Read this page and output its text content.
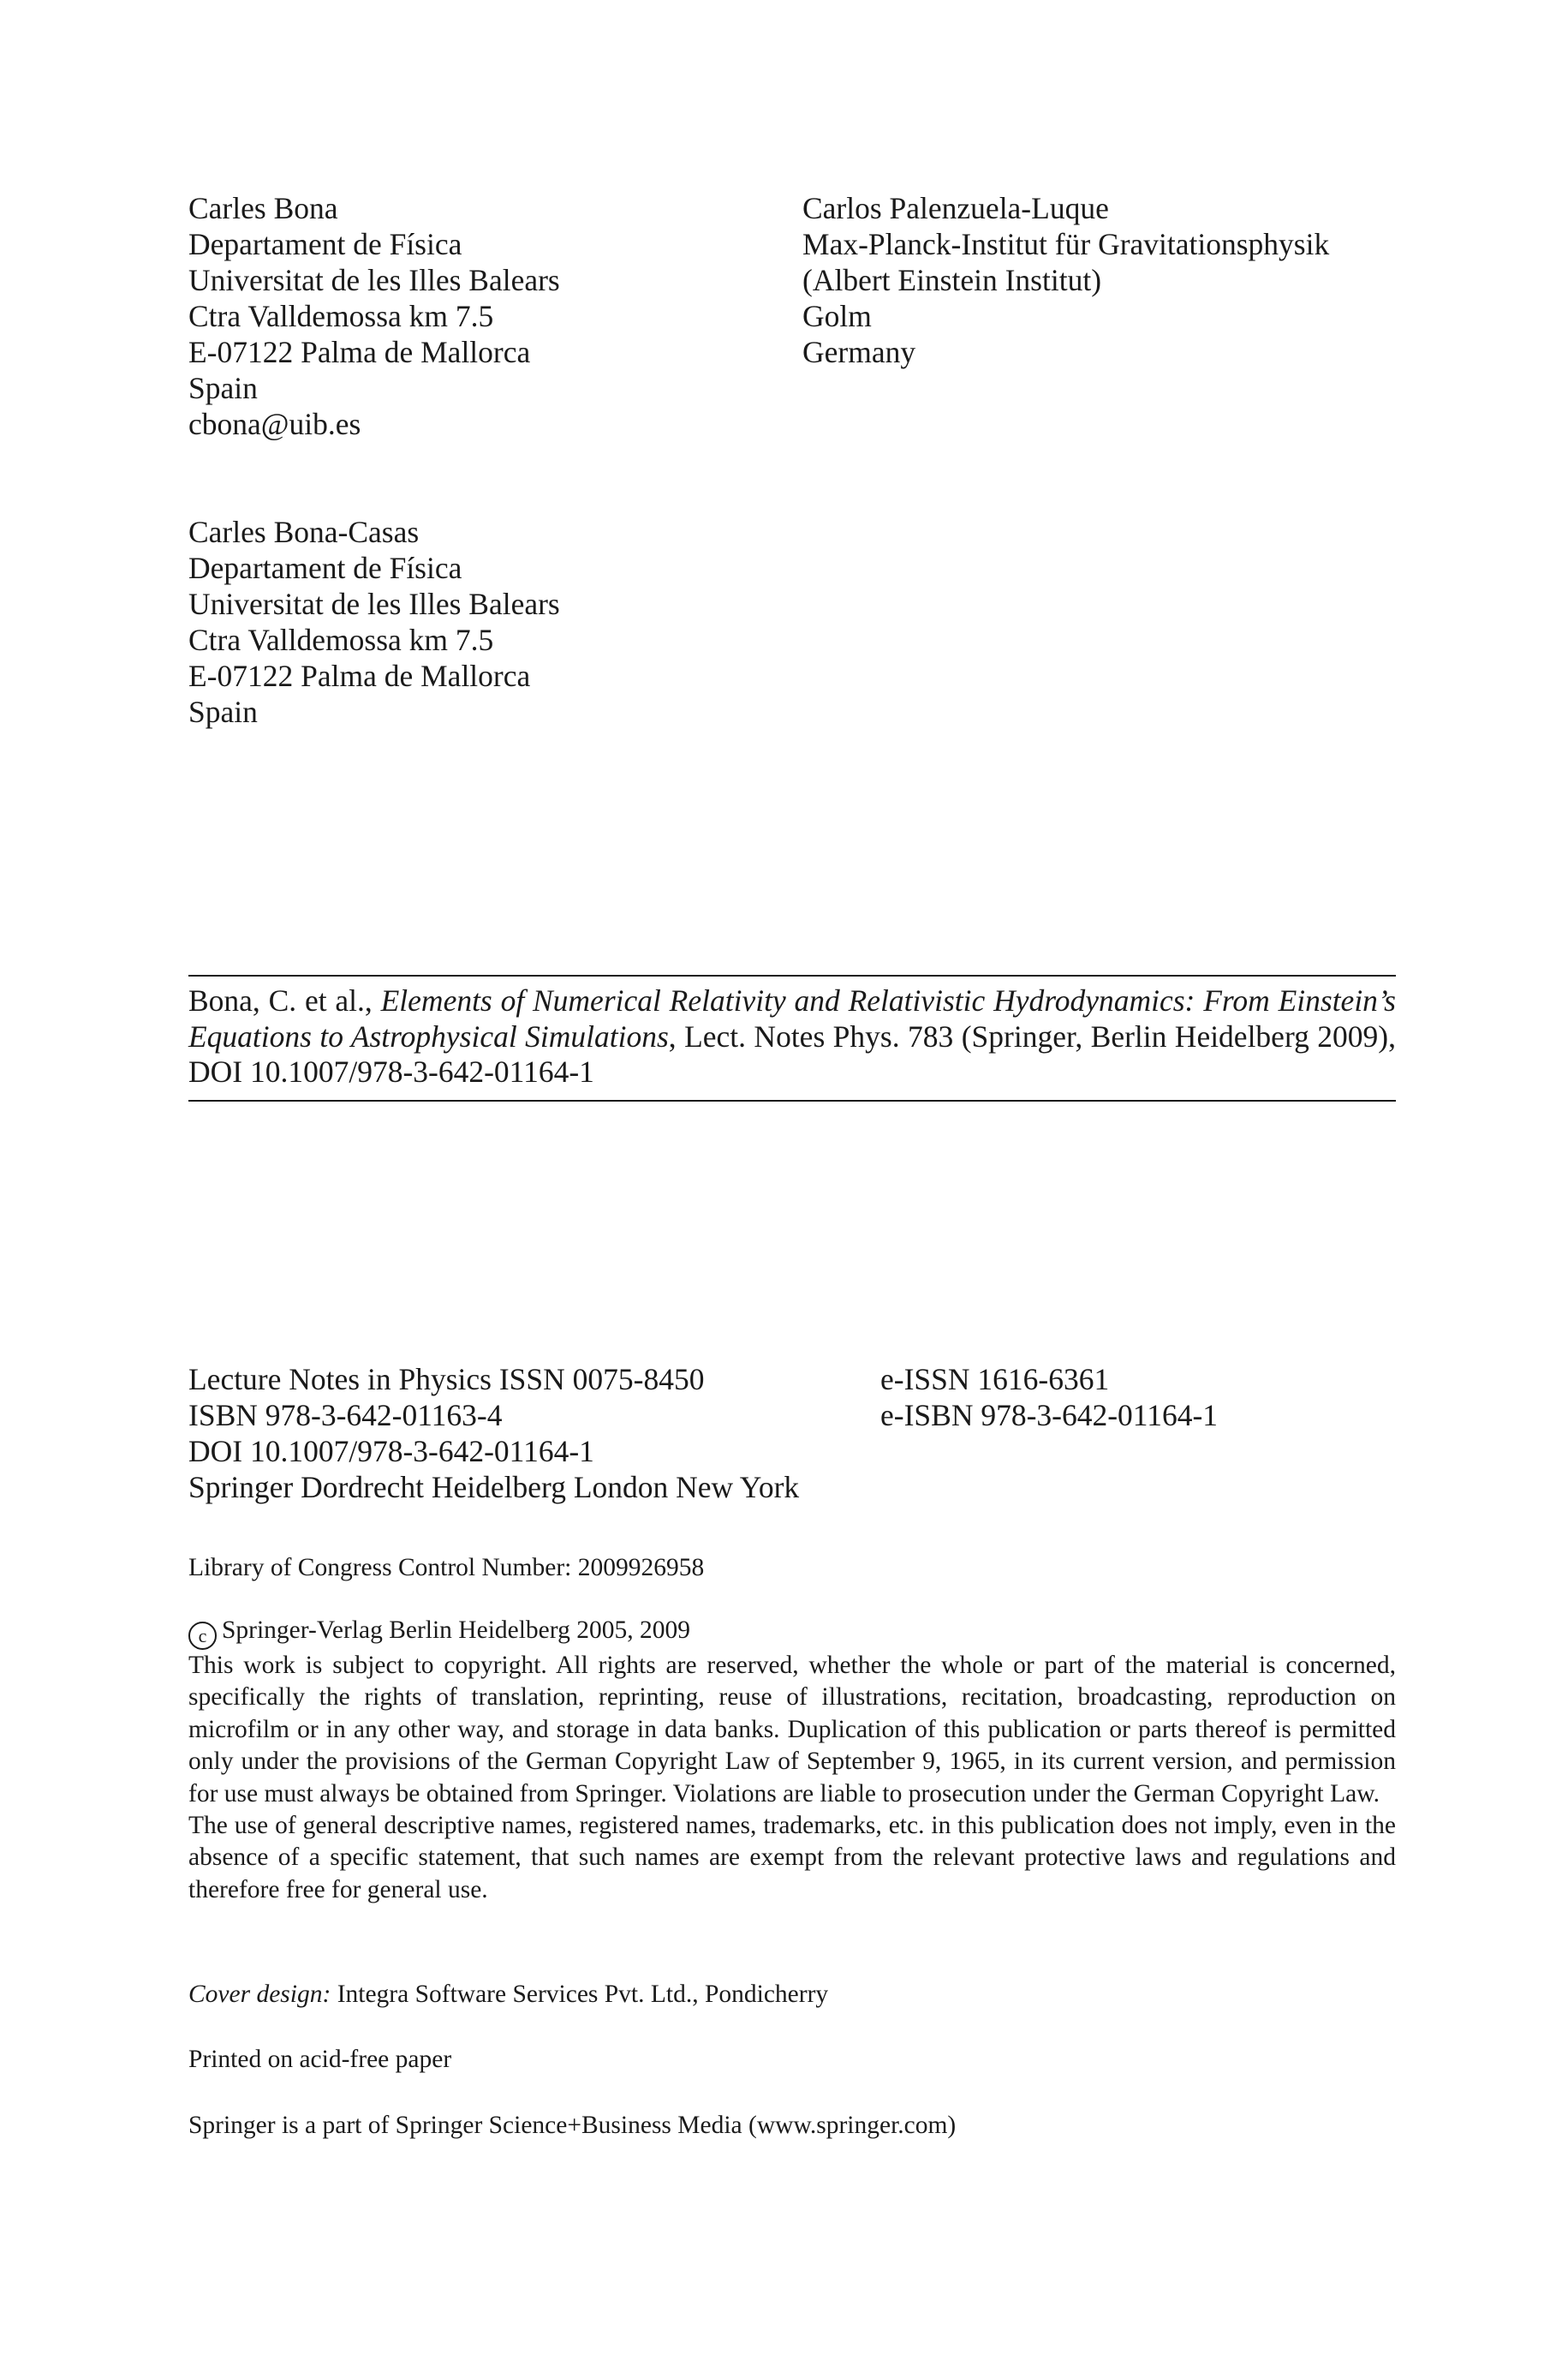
Carles Bona
Departament de Física
Universitat de les Illes Balears
Ctra Valldemossa km 7.5
E-07122 Palma de Mallorca
Spain
cbona@uib.es
Carlos Palenzuela-Luque
Max-Planck-Institut für Gravitationsphysik
(Albert Einstein Institut)
Golm
Germany
Carles Bona-Casas
Departament de Física
Universitat de les Illes Balears
Ctra Valldemossa km 7.5
E-07122 Palma de Mallorca
Spain
Bona, C. et al., Elements of Numerical Relativity and Relativistic Hydrodynamics: From Einstein’s Equations to Astrophysical Simulations, Lect. Notes Phys. 783 (Springer, Berlin Heidelberg 2009), DOI 10.1007/978-3-642-01164-1
Lecture Notes in Physics ISSN 0075-8450
ISBN 978-3-642-01163-4
DOI 10.1007/978-3-642-01164-1
Springer Dordrecht Heidelberg London New York
e-ISSN 1616-6361
e-ISBN 978-3-642-01164-1
Library of Congress Control Number: 2009926958
c Springer-Verlag Berlin Heidelberg 2005, 2009
This work is subject to copyright. All rights are reserved, whether the whole or part of the material is concerned, specifically the rights of translation, reprinting, reuse of illustrations, recitation, broadcasting, reproduction on microfilm or in any other way, and storage in data banks. Duplication of this publication or parts thereof is permitted only under the provisions of the German Copyright Law of September 9, 1965, in its current version, and permission for use must always be obtained from Springer. Violations are liable to prosecution under the German Copyright Law.
The use of general descriptive names, registered names, trademarks, etc. in this publication does not imply, even in the absence of a specific statement, that such names are exempt from the relevant protective laws and regulations and therefore free for general use.
Cover design: Integra Software Services Pvt. Ltd., Pondicherry
Printed on acid-free paper
Springer is a part of Springer Science+Business Media (www.springer.com)
